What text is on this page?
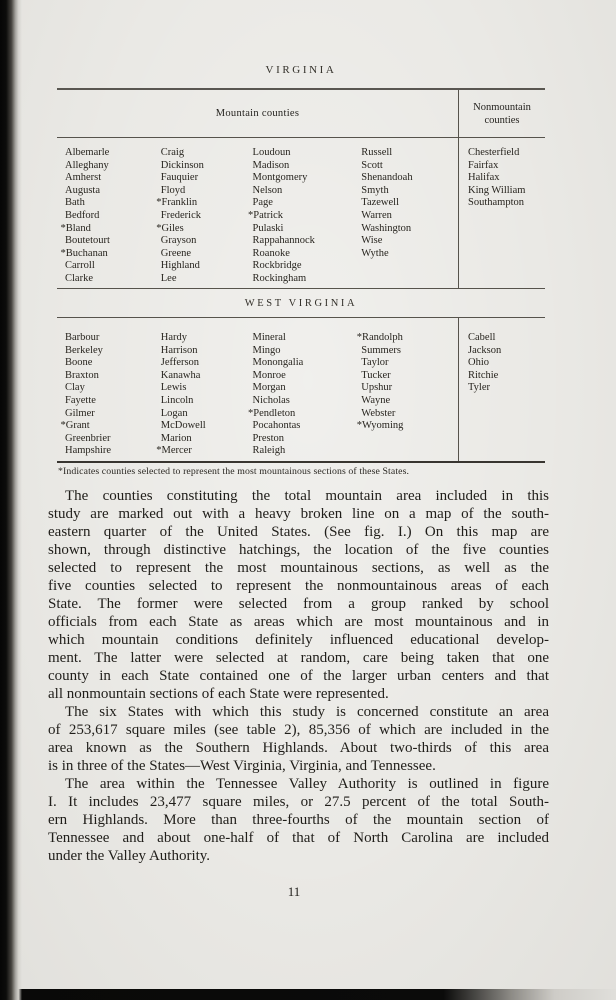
VIRGINIA
Mountain counties
Nonmountain counties
Albemarle
Alleghany
Amherst
Augusta
Bath
Bedford
*Bland
Boutetourt
*Buchanan
Carroll
Clarke
Craig
Dickinson
Fauquier
Floyd
*Franklin
Frederick
*Giles
Grayson
Greene
Highland
Lee
Loudoun
Madison
Montgomery
Nelson
Page
*Patrick
Pulaski
Rappahannock
Roanoke
Rockbridge
Rockingham
Russell
Scott
Shenandoah
Smyth
Tazewell
Warren
Washington
Wise
Wythe
Chesterfield
Fairfax
Halifax
King William
Southampton
WEST VIRGINIA
Barbour
Berkeley
Boone
Braxton
Clay
Fayette
Gilmer
*Grant
Greenbrier
Hampshire
Hardy
Harrison
Jefferson
Kanawha
Lewis
Lincoln
Logan
McDowell
Marion
*Mercer
Mineral
Mingo
Monongalia
Monroe
Morgan
Nicholas
*Pendleton
Pocahontas
Preston
Raleigh
*Randolph
Summers
Taylor
Tucker
Upshur
Wayne
Webster
*Wyoming
Cabell
Jackson
Ohio
Ritchie
Tyler
*Indicates counties selected to represent the most mountainous sections of these States.
The counties constituting the total mountain area included in this
study are marked out with a heavy broken line on a map of the south-
eastern quarter of the United States. (See fig. I.) On this map are
shown, through distinctive hatchings, the location of the five counties
selected to represent the most mountainous sections, as well as the
five counties selected to represent the nonmountainous areas of each
State. The former were selected from a group ranked by school
officials from each State as areas which are most mountainous and in
which mountain conditions definitely influenced educational develop-
ment. The latter were selected at random, care being taken that one
county in each State contained one of the larger urban centers and that
all nonmountain sections of each State were represented.
The six States with which this study is concerned constitute an area
of 253,617 square miles (see table 2), 85,356 of which are included in the
area known as the Southern Highlands. About two-thirds of this area
is in three of the States—West Virginia, Virginia, and Tennessee.
The area within the Tennessee Valley Authority is outlined in figure
I. It includes 23,477 square miles, or 27.5 percent of the total South-
ern Highlands. More than three-fourths of the mountain section of
Tennessee and about one-half of that of North Carolina are included
under the Valley Authority.
11
